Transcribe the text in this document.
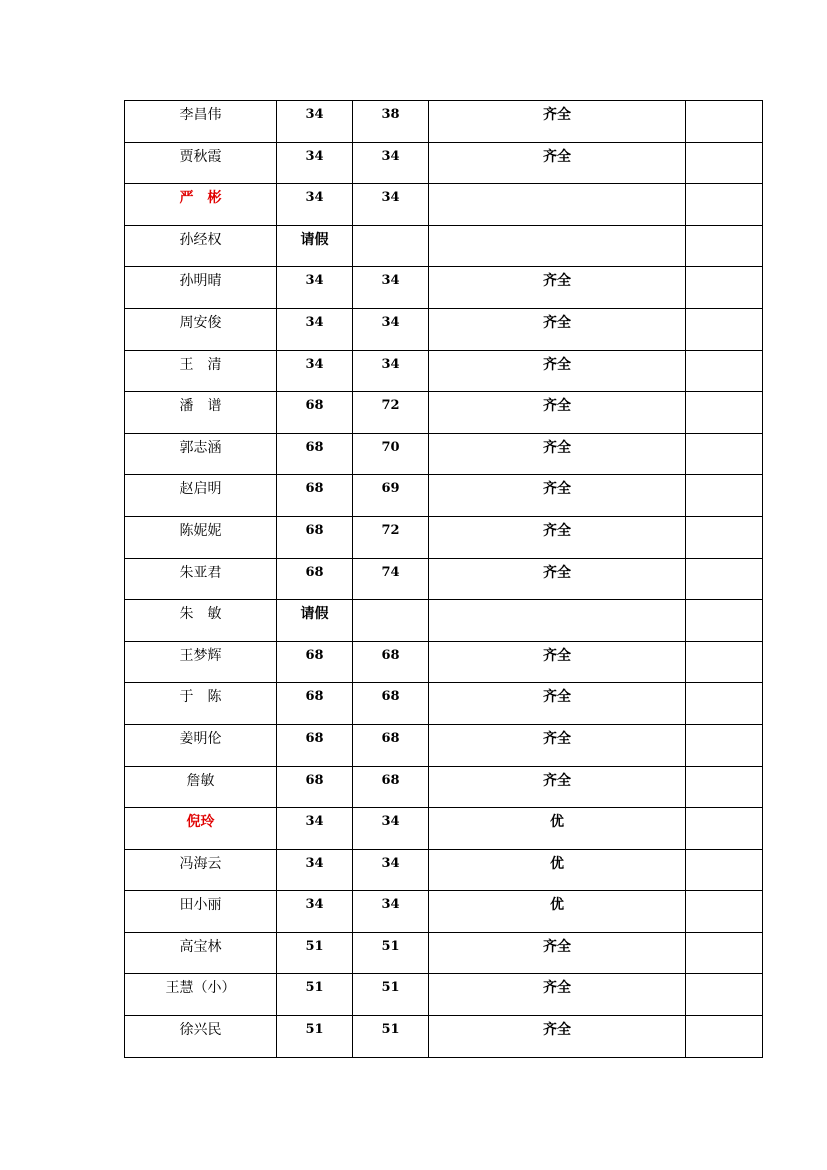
李昌伟	34	38	齐全	

贾秋霞	34	34	齐全	

严　彬	34	34		

孙经权	请假			

孙明晴	34	34	齐全	

周安俊	34	34	齐全	

王　清	34	34	齐全	

潘　谱	68	72	齐全	

郭志涵	68	70	齐全	

赵启明	68	69	齐全	

陈妮妮	68	72	齐全	

朱亚君	68	74	齐全	

朱　敏	请假			

王梦辉	68	68	齐全	

于　陈	68	68	齐全	

姜明伦	68	68	齐全	

詹敏	68	68	齐全	

倪玲	34	34	优	

冯海云	34	34	优	

田小丽	34	34	优	

高宝林	51	51	齐全	

王慧（小）	51	51	齐全	

徐兴民	51	51	齐全	
